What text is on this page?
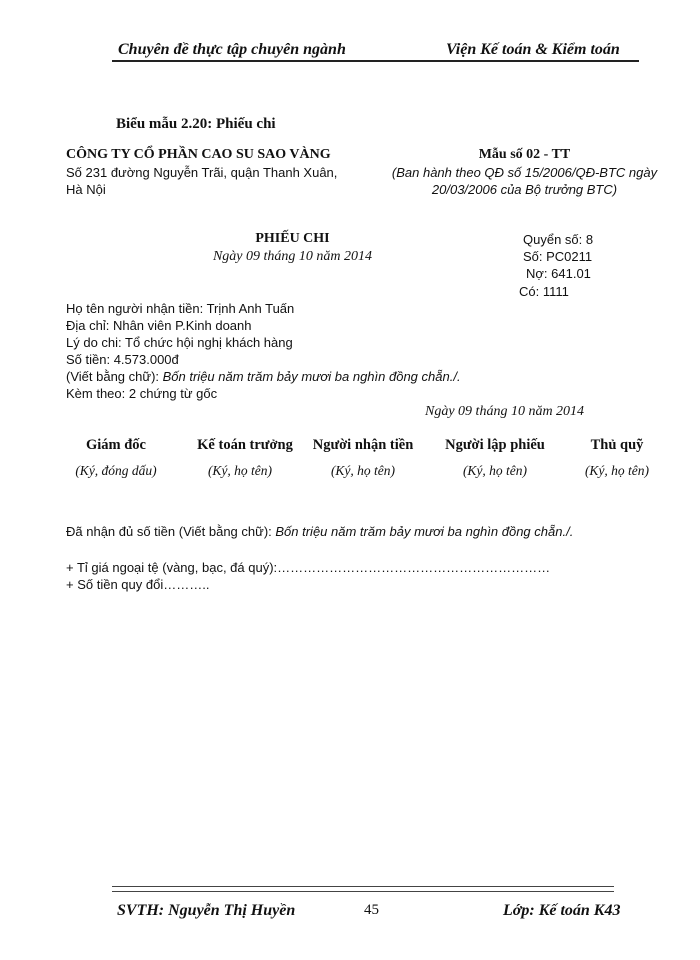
Chuyên đề thực tập chuyên ngành	Viện Kế toán & Kiểm toán
Biểu mẫu 2.20: Phiếu chi
CÔNG TY CỔ PHẦN CAO SU SAO VÀNG
Số 231 đường Nguyễn Trãi, quận Thanh Xuân,
Hà Nội
Mẫu số 02 - TT
(Ban hành theo QĐ số 15/2006/QĐ-BTC ngày
20/03/2006 của Bộ trưởng BTC)
PHIẾU CHI
Ngày 09 tháng 10 năm 2014
Quyển số: 8
Số: PC0211
Nợ: 641.01
Có: 1111
Họ tên người nhận tiền: Trịnh Anh Tuấn
Địa chỉ: Nhân viên P.Kinh doanh
Lý do chi: Tổ chức hội nghị khách hàng
Số tiền: 4.573.000đ
(Viết bằng chữ): Bốn triệu năm trăm bảy mươi ba nghìn đồng chẵn./.
Kèm theo: 2 chứng từ gốc
Ngày 09 tháng 10 năm 2014
Giám đốc	Kế toán trưởng	Người nhận tiền	Người lập phiếu	Thủ quỹ
(Ký, đóng dấu)	(Ký, họ tên)	(Ký, họ tên)	(Ký, họ tên)	(Ký, họ tên)
Đã nhận đủ số tiền (Viết bằng chữ): Bốn triệu năm trăm bảy mươi ba nghìn đồng chẵn./.
+ Tỉ giá ngoại tệ (vàng, bạc, đá quý):………………………………………………………
+ Số tiền quy đổi………..
SVTH: Nguyễn Thị Huyền	45	Lớp: Kế toán K43
